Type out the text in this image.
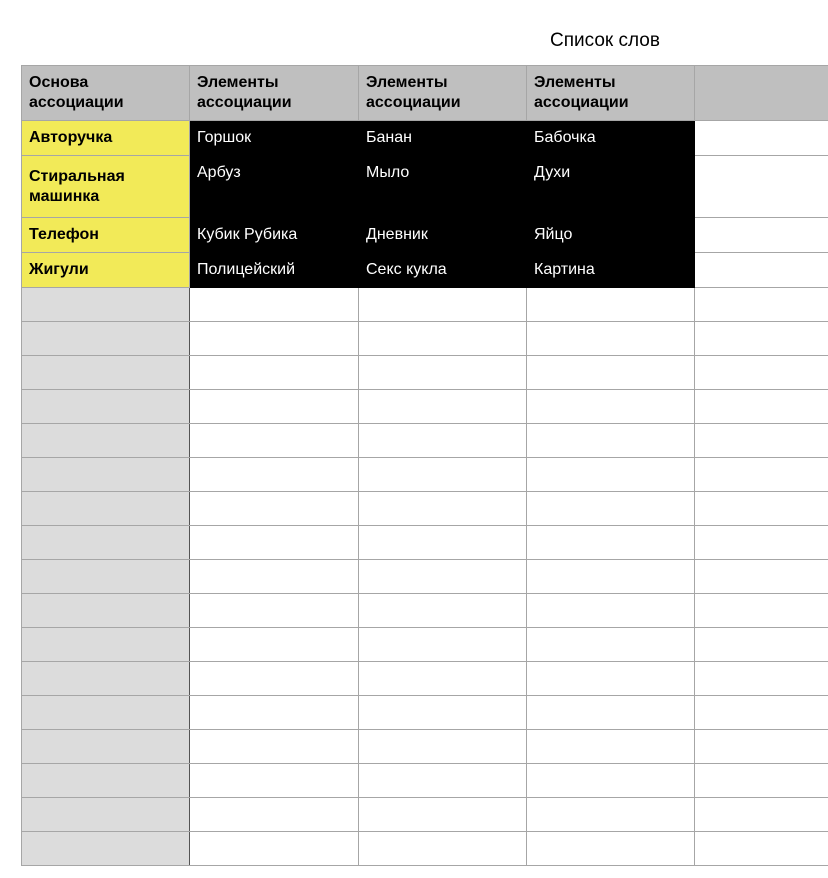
Список слов
Основа ассоциации	Элементы ассоциации	Элементы ассоциации	Элементы ассоциации	
Авторучка	Горшок	Банан	Бабочка	
Стиральная машинка	Арбуз	Мыло	Духи	
Телефон	Кубик Рубика	Дневник	Яйцо	
Жигули	Полицейский	Секс кукла	Картина	
